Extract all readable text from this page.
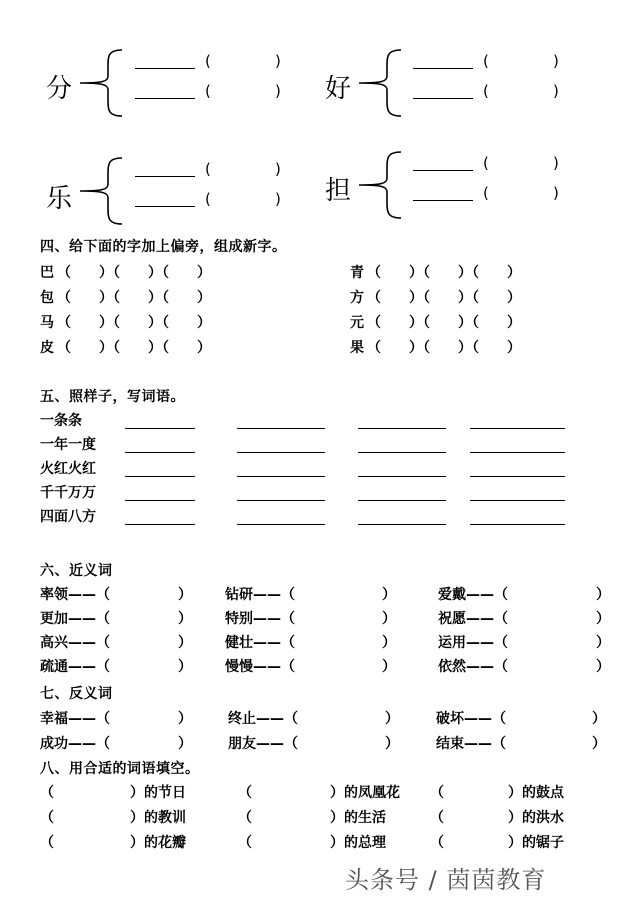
分
(	)
(	) 好
(	)
(	)
乐
(	)
(	) 担
(	)
(	)
四、给下面的字加上偏旁，组成新字。
巴 （　　）（　　）（　　）
包 （　　）（　　）（　　）
马 （　　）（　　）（　　）
皮 （　　）（　　）（　　）
青 （　　）（　　）（　　）
方 （　　）（　　）（　　）
元 （　　）（　　）（　　）
果 （　　）（　　）（　　）
五、照样子，写词语。
一条条
一年一度
火红火红
千千万万
四面八方
六、近义词
率领——（	） 钻研——（	）	爱戴——（	）
更加——（	） 特别——（	）	祝愿——（	）
高兴——（	） 健壮——（	）	运用——（	）
疏通——（	） 慢慢——（	）	依然——（	）
七、反义词
幸福——（	）	终止——（	）	破坏——（	）
成功——（	）	朋友——（	）	结束——（	）
八、用合适的词语填空。
（	）的节日	（	）的凤凰花 （	）的鼓点
（	）的教训	（	）的生活	（	）的洪水
（	）的花瓣	（	）的总理	（	）的锯子
头条号 / 茵茵教育
